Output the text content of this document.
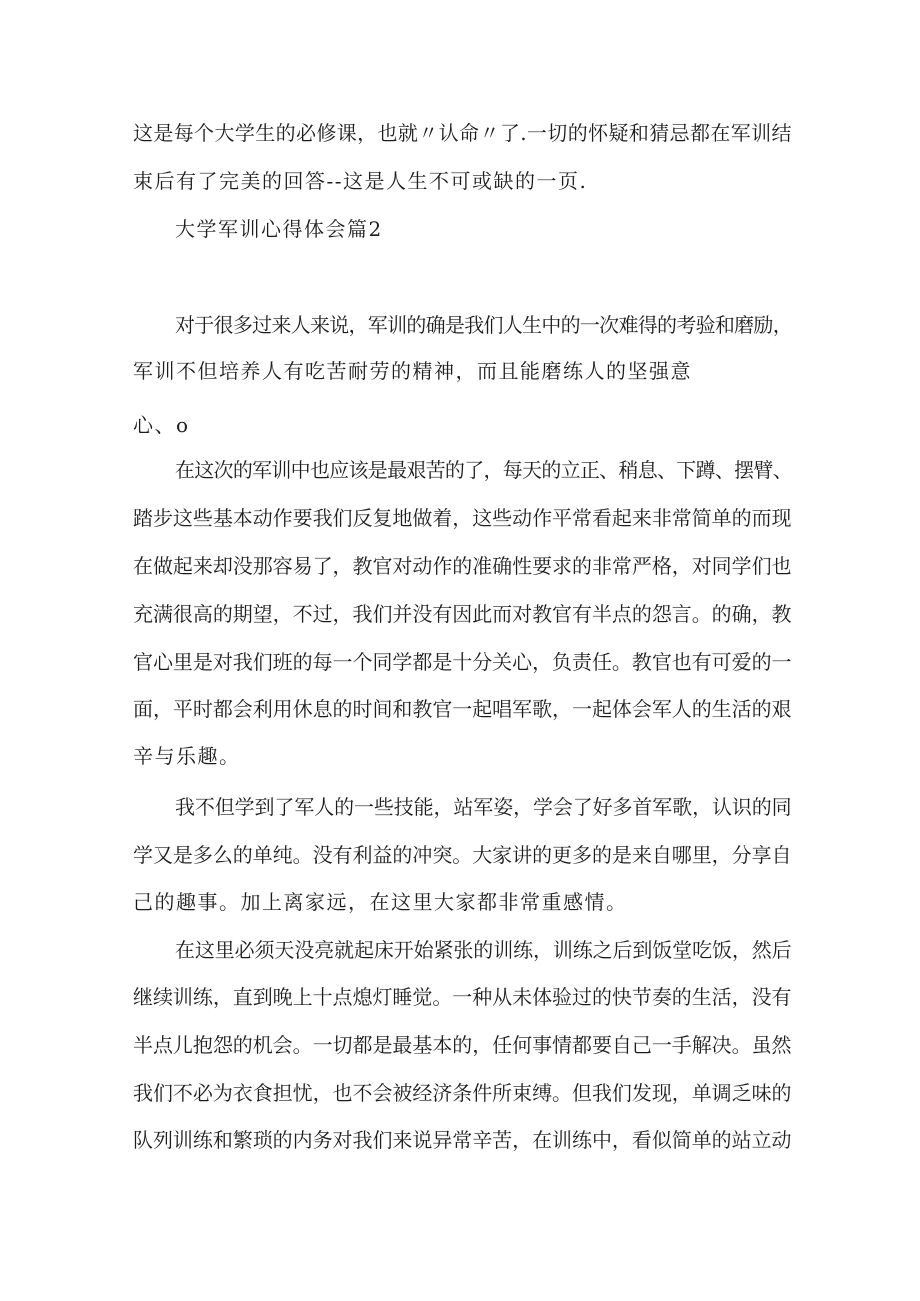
这是每个大学生的必修课，也就〃认命〃了.一切的怀疑和猜忌都在军训结
束后有了完美的回答--这是人生不可或缺的一页.
大学军训心得体会篇2
对于很多过来人来说，军训的确是我们人生中的一次难得的考验和磨励，
军训不但培养人有吃苦耐劳的精神，而且能磨练人的坚强意
心、o
在这次的军训中也应该是最艰苦的了，每天的立正、稍息、下蹲、摆臂、
踏步这些基本动作要我们反复地做着，这些动作平常看起来非常简单的而现
在做起来却没那容易了，教官对动作的准确性要求的非常严格，对同学们也
充满很高的期望，不过，我们并没有因此而对教官有半点的怨言。的确，教
官心里是对我们班的每一个同学都是十分关心，负责任。教官也有可爱的一
面，平时都会利用休息的时间和教官一起唱军歌，一起体会军人的生活的艰
辛与乐趣。
我不但学到了军人的一些技能，站军姿，学会了好多首军歌，认识的同
学又是多么的单纯。没有利益的冲突。大家讲的更多的是来自哪里，分享自
己的趣事。加上离家远，在这里大家都非常重感情。
在这里必须天没亮就起床开始紧张的训练，训练之后到饭堂吃饭，然后
继续训练，直到晚上十点熄灯睡觉。一种从未体验过的快节奏的生活，没有
半点儿抱怨的机会。一切都是最基本的，任何事情都要自己一手解决。虽然
我们不必为衣食担忧，也不会被经济条件所束缚。但我们发现，单调乏味的
队列训练和繁琐的内务对我们来说异常辛苦，在训练中，看似简单的站立动
